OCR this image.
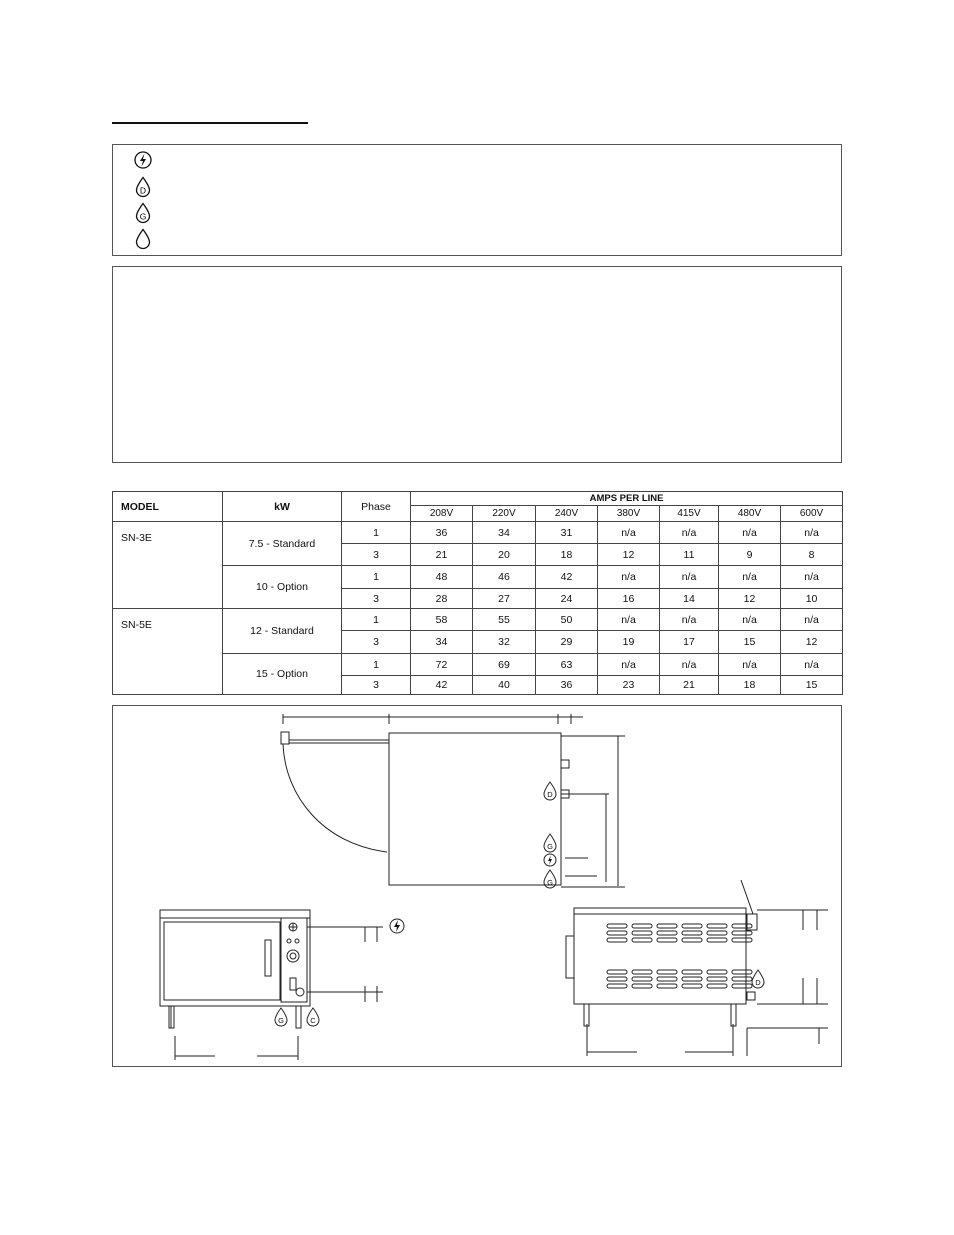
D
G
MODEL	kW	Phase	AMPS PER LINE						
			208V	220V	240V	380V	415V	480V	600V
SN-3E	7.5 - Standard	1	36	34	31	n/a	n/a	n/a	n/a
		3	21	20	18	12	11	9	8
	10 - Option	1	48	46	42	n/a	n/a	n/a	n/a
		3	28	27	24	16	14	12	10
SN-5E	12 - Standard	1	58	55	50	n/a	n/a	n/a	n/a
		3	34	32	29	19	17	15	12
	15 - Option	1	72	69	63	n/a	n/a	n/a	n/a
		3	42	40	36	23	21	18	15
D
G
G
G	C
D
